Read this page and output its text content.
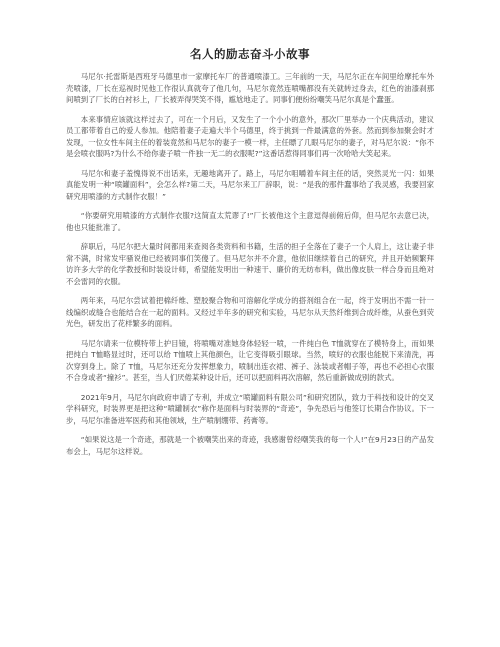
名人的励志奋斗小故事

马尼尔·托雷斯是西班牙马德里市一家摩托车厂的普通喷漆工。三年前的一天，马尼尔正在车间里给摩托车外壳喷漆，厂长在巡视时见他工作很认真就夸了他几句，马尼尔竟然连喷嘴都没有关就转过身去，红色的油漆刹那间喷到了厂长的白衬衫上，厂长被弄得哭笑不得，尴尬地走了。同事们便纷纷嘲笑马尼尔真是个蠢蛋。

本来事情应该就这样过去了，可在一个月后，又发生了一个小小的意外，那次厂里举办一个庆典活动，建议员工都带着自己的爱人参加。他陪着妻子走遍大半个马德里，终于挑到一件最满意的外套。然而到参加聚会时才发现，一位女性车间主任的着装竟然和马尼尔的妻子一模一样，主任瞟了几眼马尼尔的妻子，对马尼尔说：“你不是会喷衣服吗?为什么不给你妻子喷一件独一无二的衣服呢?”这番话惹得同事们再一次哈哈大笑起来。

马尼尔和妻子羞愧得说不出话来，无趣地离开了。路上，马尼尔咀嚼着车间主任的话，突然灵光一闪：如果真能发明一种“喷罐面料”，会怎么样?第二天，马尼尔来工厂辞职，说：“是我的那件蠢事给了我灵感，我要回家研究用喷漆的方式制作衣服！”

“你要研究用喷漆的方式制作衣服?这简直太荒谬了!”厂长被他这个主意逗得前俯后仰，但马尼尔去意已决，他也只能批准了。

辞职后，马尼尔把大量时间都用来查阅各类资料和书籍，生活的担子全落在了妻子一个人肩上，这让妻子非常不满，时常发牢骚说他已经被同事们笑傻了。但马尼尔并不介意，他依旧继续着自己的研究，并且开始频繁拜访许多大学的化学教授和时装设计师，希望能发明出一种速干、廉价的无纺布料，做出像皮肤一样合身而且绝对不会雷同的衣服。

两年来，马尼尔尝试着把棉纤维、塑胶聚合物和可溶解化学成分的搭剂组合在一起，终于发明出不需一针一线编织或缝合也能结合在一起的面料。又经过半年多的研究和实验，马尼尔从天然纤维到合成纤维，从蚕色到荧光色，研发出了花样繁多的面料。

马尼尔请来一位模特带上护目镜，将喷嘴对准她身体轻轻一喷，一件纯白色 T恤就穿在了模特身上，而如果把纯白 T恤略显过时，还可以给 T恤喷上其他颜色，让它变得吸引眼球。当然，喷好的衣服也能脱下来清洗，再次穿到身上。除了 T恤，马尼尔还充分发挥想象力，喷制出连衣裙、裤子、泳装或者帽子等，再也不必担心衣服不合身或者“撞衫”。甚至，当人们厌倦某种设计后，还可以把面料再次溶解，然后重新做成别的款式。

2021年9月，马尼尔向政府申请了专利，并成立“喷罐面料有限公司”和研究团队，致力于科技和设计的交叉学科研究，时装界更是把这种“喷罐制衣”称作是面料与时装界的“奇迹”，争先恐后与他签订长期合作协议。下一步，马尼尔准备进军医药和其他领域，生产喷制绷带、药膏等。

“如果说这是一个奇迹，那就是一个被嘲笑出来的奇迹，我感谢曾经嘲笑我的每一个人!”在9月23日的产品发布会上，马尼尔这样说。
